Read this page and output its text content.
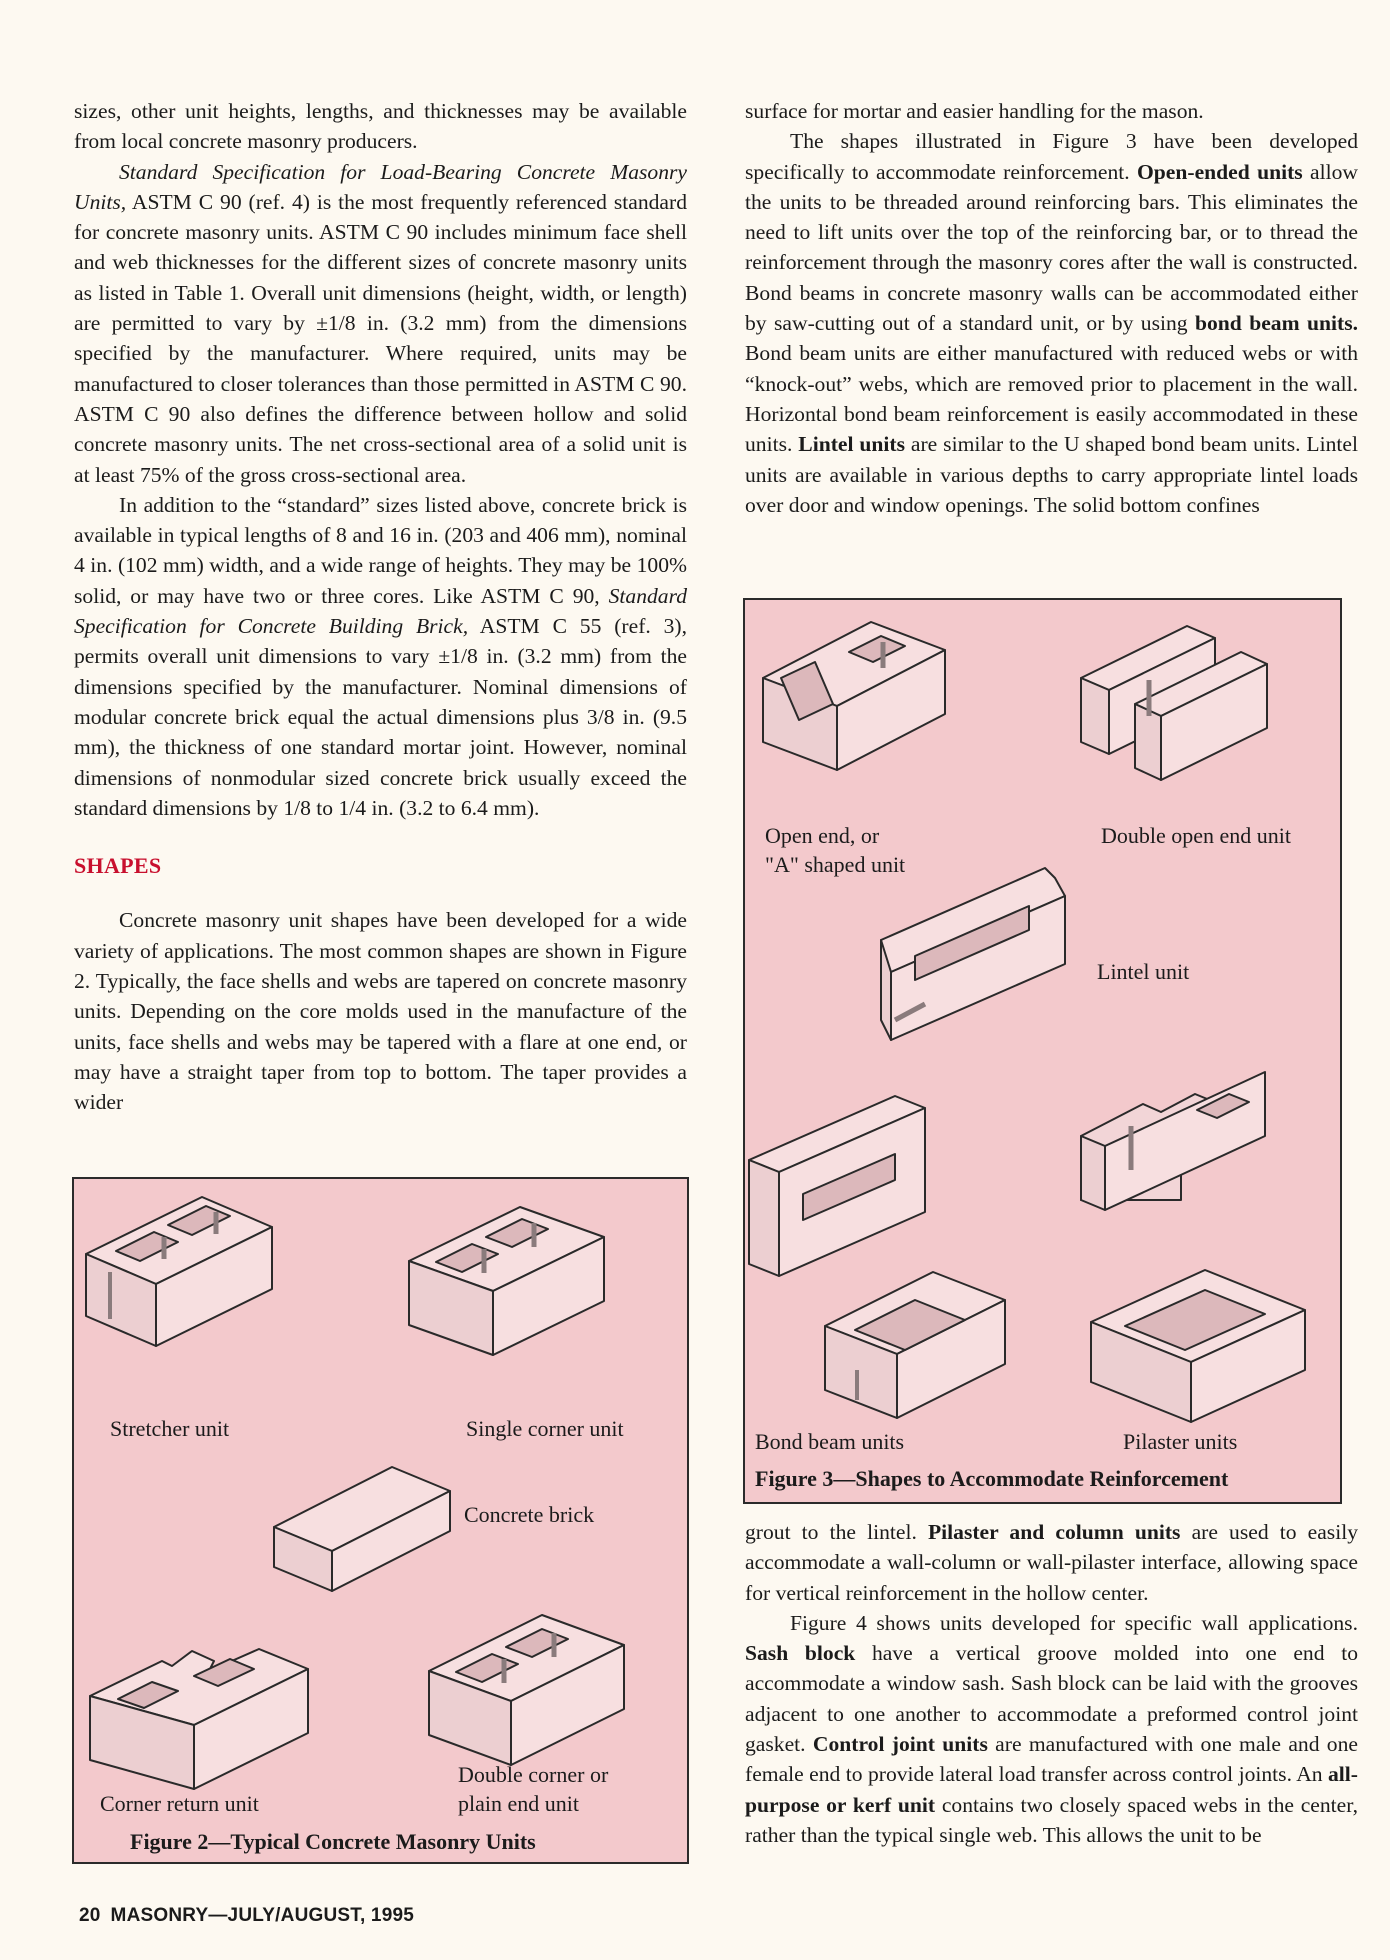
sizes, other unit heights, lengths, and thicknesses may be available from local concrete masonry producers.

Standard Specification for Load-Bearing Concrete Masonry Units, ASTM C 90 (ref. 4) is the most frequently referenced standard for concrete masonry units. ASTM C 90 includes minimum face shell and web thicknesses for the different sizes of concrete masonry units as listed in Table 1. Overall unit dimensions (height, width, or length) are permitted to vary by ±1/8 in. (3.2 mm) from the dimensions specified by the manufacturer. Where required, units may be manufactured to closer tolerances than those permitted in ASTM C 90. ASTM C 90 also defines the difference between hollow and solid concrete masonry units. The net cross-sectional area of a solid unit is at least 75% of the gross cross-sectional area.

In addition to the “standard” sizes listed above, concrete brick is available in typical lengths of 8 and 16 in. (203 and 406 mm), nominal 4 in. (102 mm) width, and a wide range of heights. They may be 100% solid, or may have two or three cores. Like ASTM C 90, Standard Specification for Concrete Building Brick, ASTM C 55 (ref. 3), permits overall unit dimensions to vary ±1/8 in. (3.2 mm) from the dimensions specified by the manufacturer. Nominal dimensions of modular concrete brick equal the actual dimensions plus 3/8 in. (9.5 mm), the thickness of one standard mortar joint. However, nominal dimensions of nonmodular sized concrete brick usually exceed the standard dimensions by 1/8 to 1/4 in. (3.2 to 6.4 mm).

SHAPES

Concrete masonry unit shapes have been developed for a wide variety of applications. The most common shapes are shown in Figure 2. Typically, the face shells and webs are tapered on concrete masonry units. Depending on the core molds used in the manufacture of the units, face shells and webs may be tapered with a flare at one end, or may have a straight taper from top to bottom. The taper provides a wider

surface for mortar and easier handling for the mason.

The shapes illustrated in Figure 3 have been developed specifically to accommodate reinforcement. Open-ended units allow the units to be threaded around reinforcing bars. This eliminates the need to lift units over the top of the reinforcing bar, or to thread the reinforcement through the masonry cores after the wall is constructed. Bond beams in concrete masonry walls can be accommodated either by saw-cutting out of a standard unit, or by using bond beam units. Bond beam units are either manufactured with reduced webs or with “knock-out” webs, which are removed prior to placement in the wall. Horizontal bond beam reinforcement is easily accommodated in these units. Lintel units are similar to the U shaped bond beam units. Lintel units are available in various depths to carry appropriate lintel loads over door and window openings. The solid bottom confines

grout to the lintel. Pilaster and column units are used to easily accommodate a wall-column or wall-pilaster interface, allowing space for vertical reinforcement in the hollow center.

Figure 4 shows units developed for specific wall applications. Sash block have a vertical groove molded into one end to accommodate a window sash. Sash block can be laid with the grooves adjacent to one another to accommodate a preformed control joint gasket. Control joint units are manufactured with one male and one female end to provide lateral load transfer across control joints. An all-purpose or kerf unit contains two closely spaced webs in the center, rather than the typical single web. This allows the unit to be

Stretcher unit	Single corner unit
Concrete brick
Double corner or
plain end unit
Corner return unit
Figure 2—Typical Concrete Masonry Units
Open end, or
"A" shaped unit
Double open end unit
Lintel unit
Bond beam units	Pilaster units
Figure 3—Shapes to Accommodate Reinforcement
20 MASONRY—JULY/AUGUST, 1995
